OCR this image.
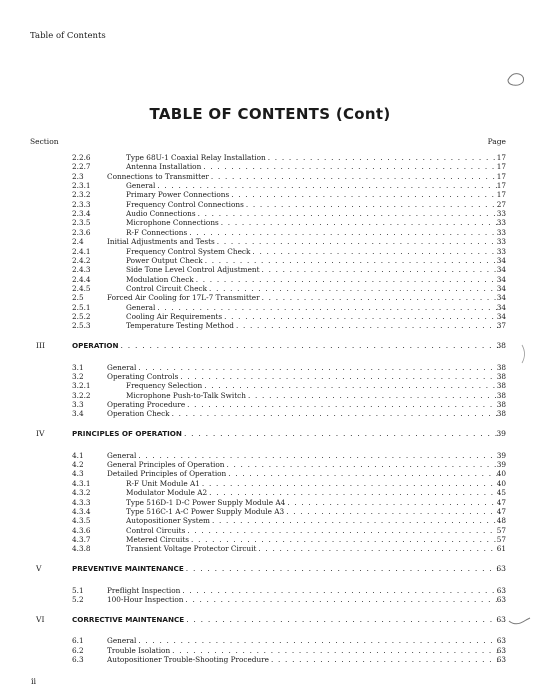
Table of Contents
TABLE OF CONTENTS (Cont)
Section	Page
2.2.6	Type 68U-1 Coaxial Relay Installation . . .	17
2.2.7	Antenna Installation . . .	17
2.3	Connections to Transmitter . . .	17
2.3.1	General . . .	17
2.3.2	Primary Power Connections . . .	17
2.3.3	Frequency Control Connections . . .	27
2.3.4	Audio Connections . . .	33
2.3.5	Microphone Connections . . .	33
2.3.6	R-F Connections . . .	33
2.4	Initial Adjustments and Tests . . .	33
2.4.1	Frequency Control System Check . . .	33
2.4.2	Power Output Check . . .	34
2.4.3	Side Tone Level Control Adjustment . . .	34
2.4.4	Modulation Check . . .	34
2.4.5	Control Circuit Check . . .	34
2.5	Forced Air Cooling for 17L-7 Transmitter . . .	34
2.5.1	General . . .	34
2.5.2	Cooling Air Requirements . . .	34
2.5.3	Temperature Testing Method . . .	37
III	OPERATION . . .	38
3.1	General . . .	38
3.2	Operating Controls . . .	38
3.2.1	Frequency Selection . . .	38
3.2.2	Microphone Push-to-Talk Switch . . .	38
3.3	Operating Procedure . . .	38
3.4	Operation Check . . .	38
IV	PRINCIPLES OF OPERATION . . .	39
4.1	General . . .	39
4.2	General Principles of Operation . . .	39
4.3	Detailed Principles of Operation . . .	40
4.3.1	R-F Unit Module A1 . . .	40
4.3.2	Modulator Module A2 . . .	45
4.3.3	Type 516D-1 D-C Power Supply Module A4 . . .	47
4.3.4	Type 516C-1 A-C Power Supply Module A3 . . .	47
4.3.5	Autopositioner System . . .	48
4.3.6	Control Circuits . . .	57
4.3.7	Metered Circuits . . .	57
4.3.8	Transient Voltage Protector Circuit . . .	61
V	PREVENTIVE MAINTENANCE . . .	63
5.1	Preflight Inspection . . .	63
5.2	100-Hour Inspection . . .	63
VI	CORRECTIVE MAINTENANCE . . .	63
6.1	General . . .	63
6.2	Trouble Isolation . . .	63
6.3	Autopositioner Trouble-Shooting Procedure . . .	63
ii
